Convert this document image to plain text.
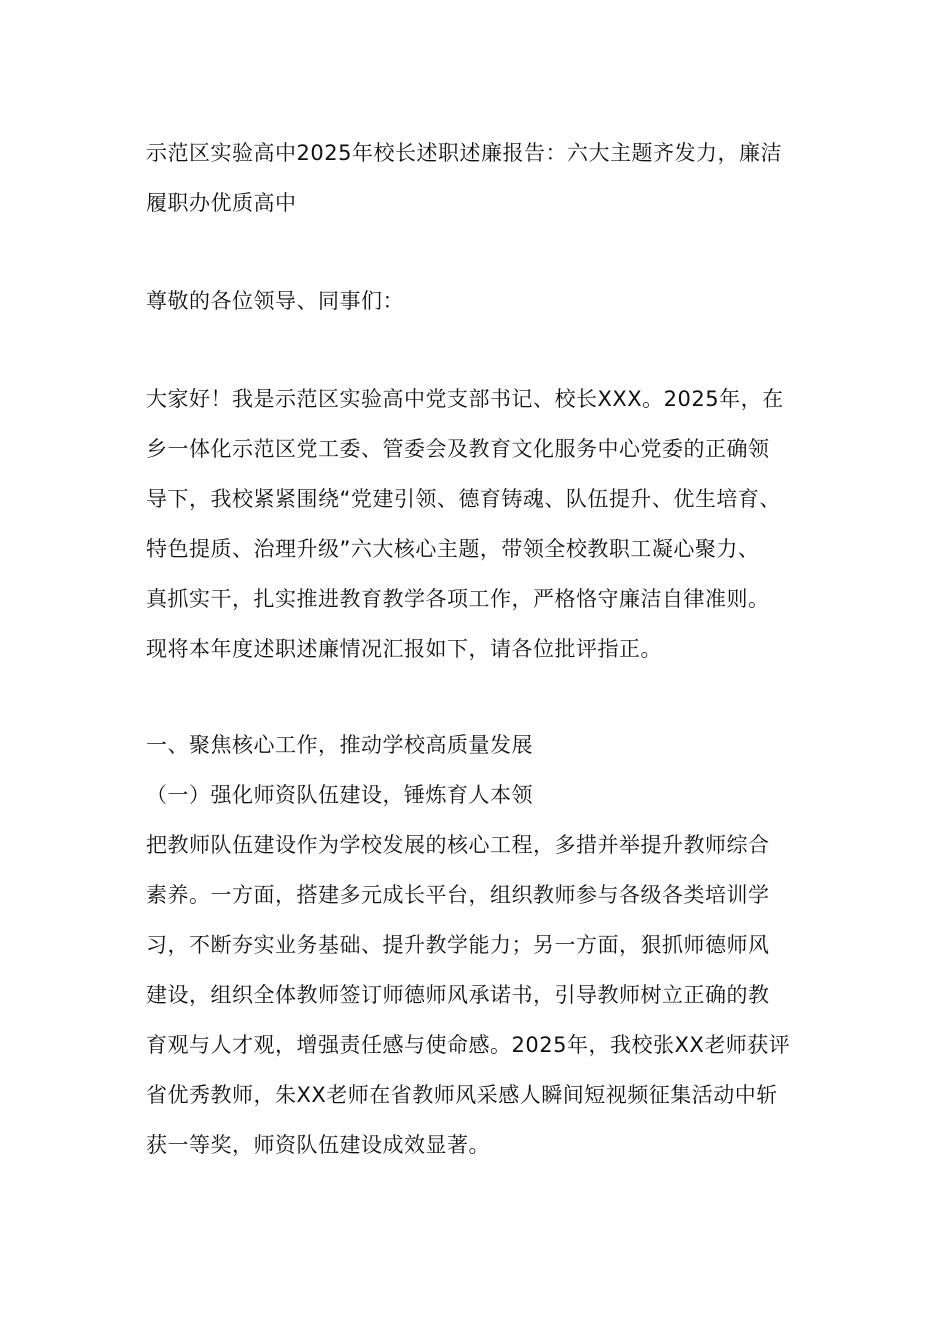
示范区实验高中2025年校长述职述廉报告：六大主题齐发力，廉洁
履职办优质高中
尊敬的各位领导、同事们：
大家好！我是示范区实验高中党支部书记、校长XXX。2025年，在
乡一体化示范区党工委、管委会及教育文化服务中心党委的正确领
导下，我校紧紧围绕“党建引领、德育铸魂、队伍提升、优生培育、
特色提质、治理升级”六大核心主题，带领全校教职工凝心聚力、
真抓实干，扎实推进教育教学各项工作，严格恪守廉洁自律准则。
现将本年度述职述廉情况汇报如下，请各位批评指正。
一、聚焦核心工作，推动学校高质量发展
（一）强化师资队伍建设，锤炼育人本领
把教师队伍建设作为学校发展的核心工程，多措并举提升教师综合
素养。一方面，搭建多元成长平台，组织教师参与各级各类培训学
习，不断夯实业务基础、提升教学能力；另一方面，狠抓师德师风
建设，组织全体教师签订师德师风承诺书，引导教师树立正确的教
育观与人才观，增强责任感与使命感。2025年，我校张XX老师获评
省优秀教师，朱XX老师在省教师风采感人瞬间短视频征集活动中斩
获一等奖，师资队伍建设成效显著。
